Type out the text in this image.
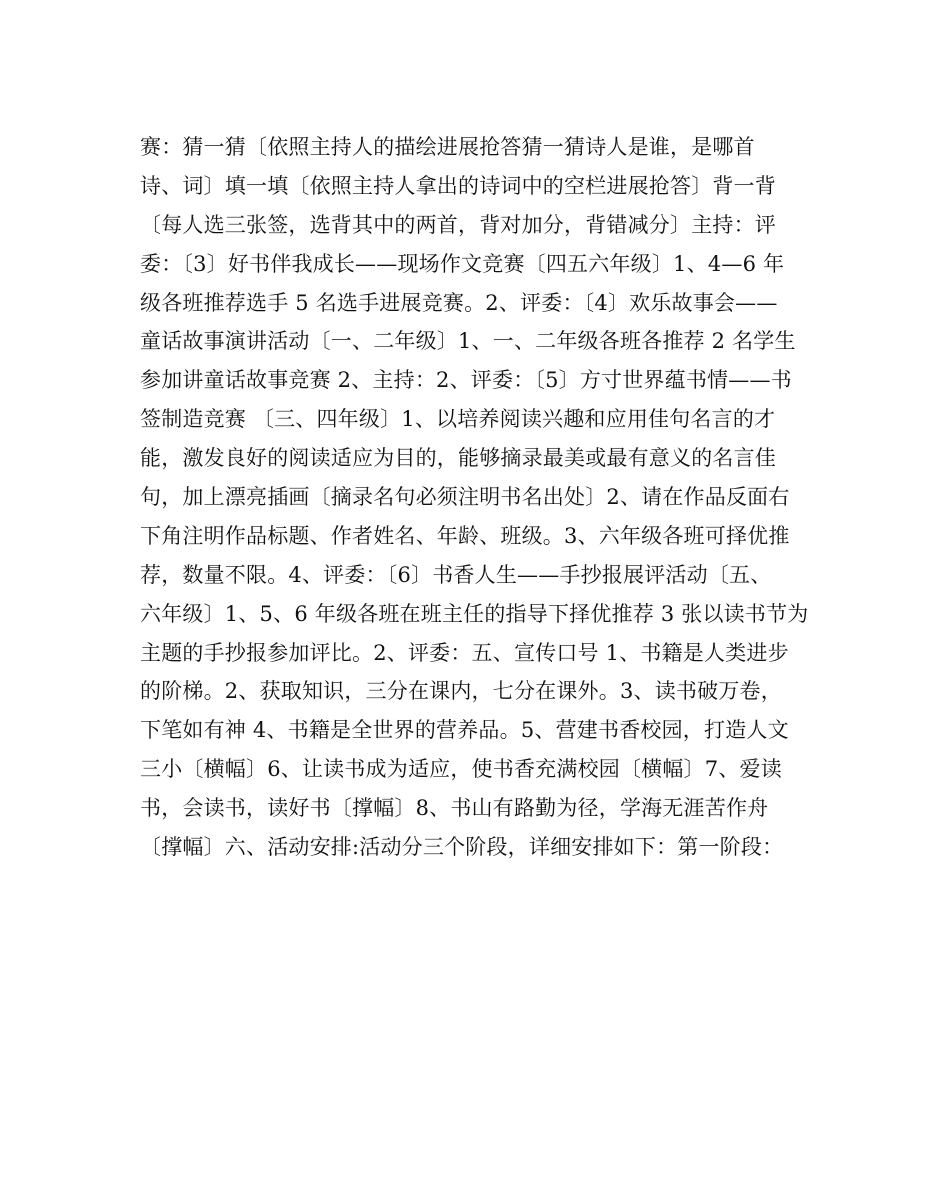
赛：猜一猜〔依照主持人的描绘进展抢答猜一猜诗人是谁，是哪首
诗、词〕填一填〔依照主持人拿出的诗词中的空栏进展抢答〕背一背
〔每人选三张签，选背其中的两首，背对加分，背错减分〕主持：评
委：〔3〕好书伴我成长——现场作文竞赛〔四五六年级〕1、4—6 年
级各班推荐选手 5 名选手进展竞赛。2、评委：〔4〕欢乐故事会——
童话故事演讲活动〔一、二年级〕1、一、二年级各班各推荐 2 名学生
参加讲童话故事竞赛 2、主持：2、评委：〔5〕方寸世界蕴书情——书
签制造竞赛 〔三、四年级〕1、以培养阅读兴趣和应用佳句名言的才
能，激发良好的阅读适应为目的，能够摘录最美或最有意义的名言佳
句，加上漂亮插画〔摘录名句必须注明书名出处〕2、请在作品反面右
下角注明作品标题、作者姓名、年龄、班级。3、六年级各班可择优推
荐，数量不限。4、评委：〔6〕书香人生——手抄报展评活动〔五、
六年级〕1、5、6 年级各班在班主任的指导下择优推荐 3 张以读书节为
主题的手抄报参加评比。2、评委：五、宣传口号 1、书籍是人类进步
的阶梯。2、获取知识，三分在课内，七分在课外。3、读书破万卷，
下笔如有神 4、书籍是全世界的营养品。5、营建书香校园，打造人文
三小〔横幅〕6、让读书成为适应，使书香充满校园〔横幅〕7、爱读
书，会读书，读好书〔撑幅〕8、书山有路勤为径，学海无涯苦作舟
〔撑幅〕六、活动安排:活动分三个阶段，详细安排如下：第一阶段：
